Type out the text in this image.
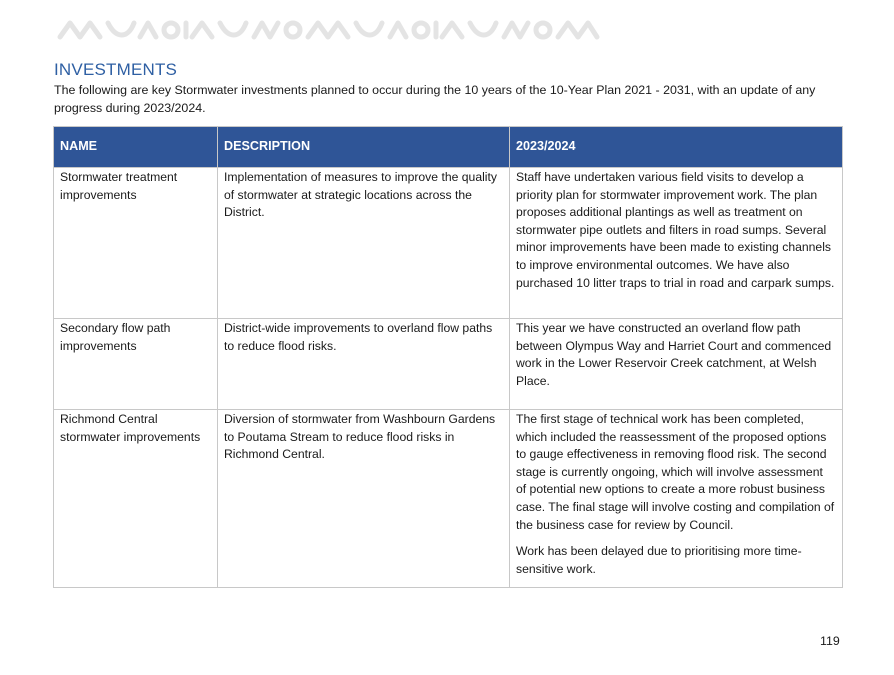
INVESTMENTS

The following are key Stormwater investments planned to occur during the 10 years of the 10-Year Plan 2021 - 2031, with an update of any progress during 2023/2024.

NAME	DESCRIPTION	2023/2024
Stormwater treatment improvements	Implementation of measures to improve the quality of stormwater at strategic locations across the District.	Staff have undertaken various field visits to develop a priority plan for stormwater improvement work. The plan proposes additional plantings as well as treatment on stormwater pipe outlets and filters in road sumps. Several minor improvements have been made to existing channels to improve environmental outcomes. We have also purchased 10 litter traps to trial in road and carpark sumps.

Secondary flow path improvements	District-wide improvements to overland flow paths to reduce flood risks.	This year we have constructed an overland flow path between Olympus Way and Harriet Court and commenced work in the Lower Reservoir Creek catchment, at Welsh Place.

Richmond Central stormwater improvements	Diversion of stormwater from Washbourn Gardens to Poutama Stream to reduce flood risks in Richmond Central.	The first stage of technical work has been completed, which included the reassessment of the proposed options to gauge effectiveness in removing flood risk. The second stage is currently ongoing, which will involve assessment of potential new options to create a more robust business case. The final stage will involve costing and compilation of the business case for review by Council.

Work has been delayed due to prioritising more time-sensitive work.

119
